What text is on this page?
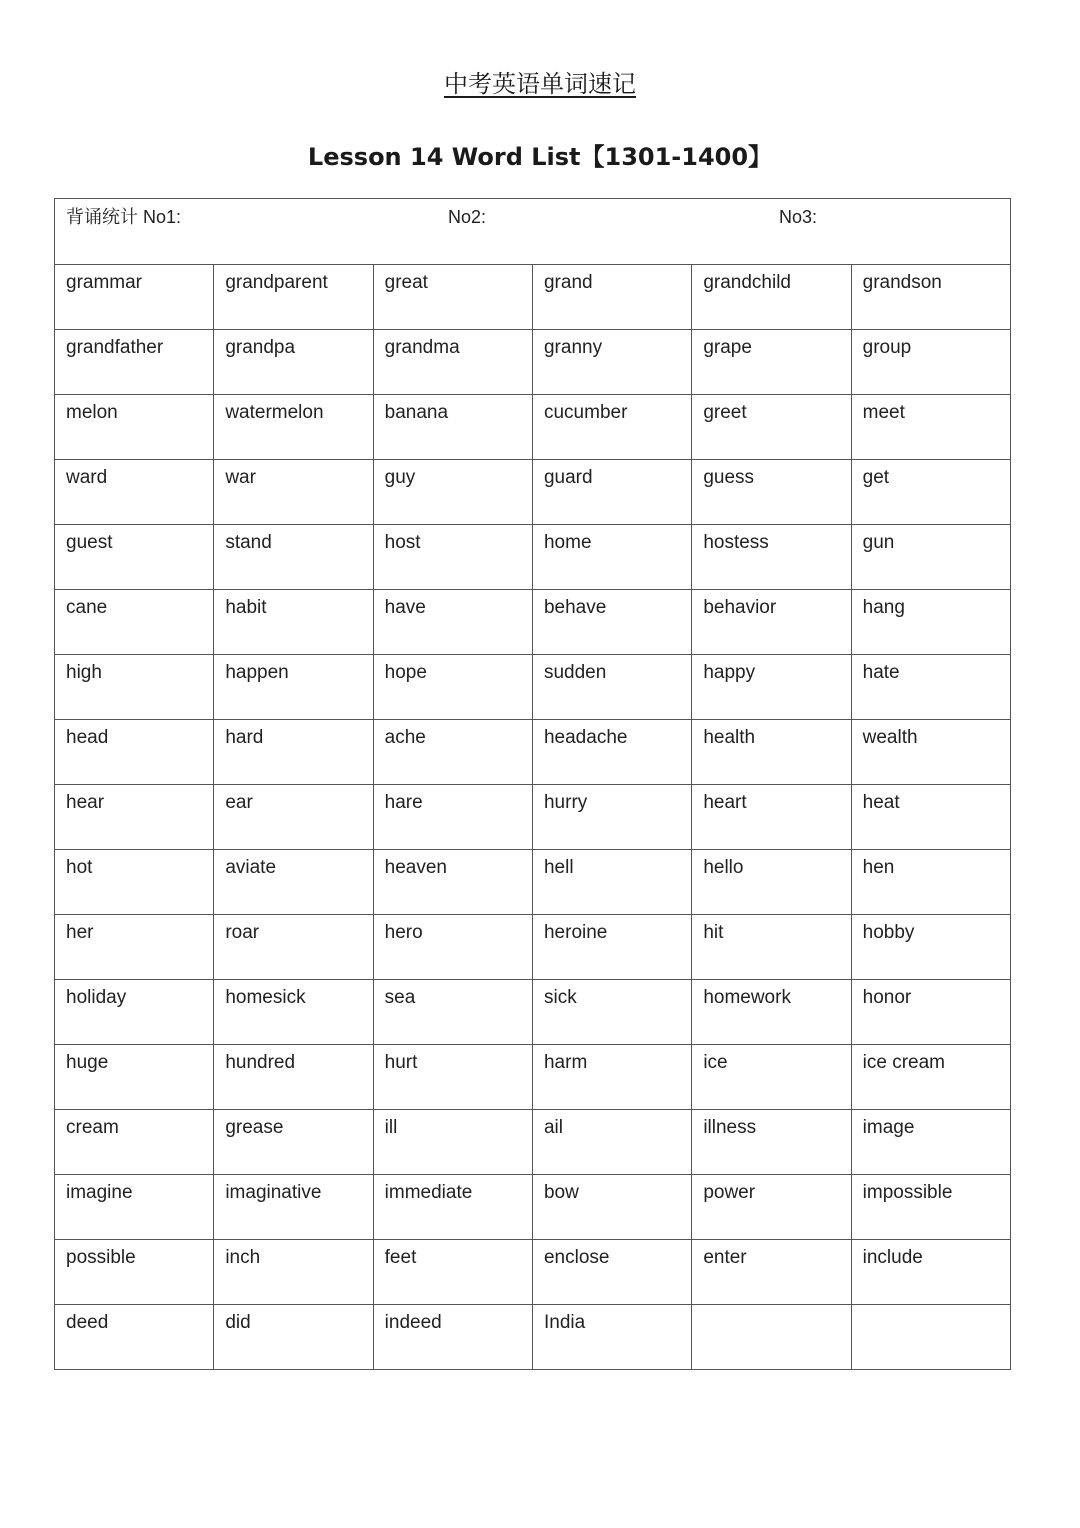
中考英语单词速记
Lesson 14 Word List【1301-1400】
背诵统计 No1: No2: No3:					

grammar	grandparent	great	grand	grandchild	grandson
grandfather	grandpa	grandma	granny	grape	group
melon	watermelon	banana	cucumber	greet	meet
ward	war	guy	guard	guess	get
guest	stand	host	home	hostess	gun
cane	habit	have	behave	behavior	hang
high	happen	hope	sudden	happy	hate
head	hard	ache	headache	health	wealth
hear	ear	hare	hurry	heart	heat
hot	aviate	heaven	hell	hello	hen
her	roar	hero	heroine	hit	hobby
holiday	homesick	sea	sick	homework	honor
huge	hundred	hurt	harm	ice	ice cream
cream	grease	ill	ail	illness	image
imagine	imaginative	immediate	bow	power	impossible
possible	inch	feet	enclose	enter	include
deed	did	indeed	India		
